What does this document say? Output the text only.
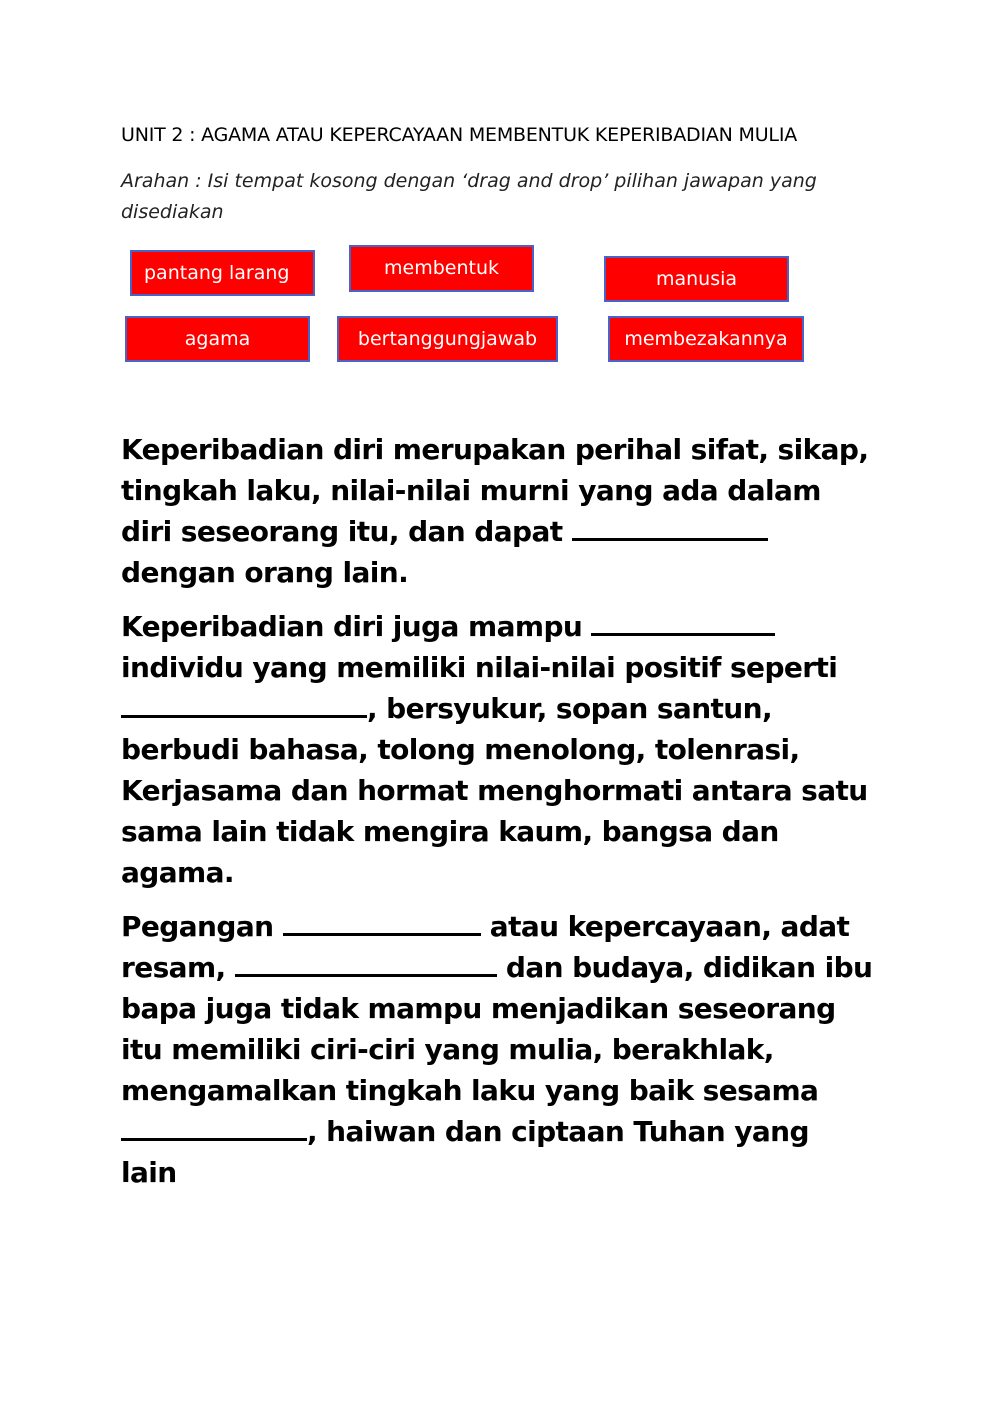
UNIT 2 : AGAMA ATAU KEPERCAYAAN MEMBENTUK KEPERIBADIAN MULIA
Arahan : Isi tempat kosong dengan ‘drag and drop’ pilihan jawapan yang
disediakan
pantang larang	membentuk	manusia
agama	bertanggungjawab	membezakannya
Keperibadian diri merupakan perihal sifat, sikap,
tingkah laku, nilai-nilai murni yang ada dalam
diri seseorang itu, dan dapat
dengan orang lain.
Keperibadian diri juga mampu
individu yang memiliki nilai-nilai positif seperti
, bersyukur, sopan santun,
berbudi bahasa, tolong menolong, tolenrasi,
Kerjasama dan hormat menghormati antara satu
sama lain tidak mengira kaum, bangsa dan
agama.
Pegangan	atau kepercayaan, adat
resam,	dan budaya, didikan ibu
bapa juga tidak mampu menjadikan seseorang
itu memiliki ciri-ciri yang mulia, berakhlak,
mengamalkan tingkah laku yang baik sesama
, haiwan dan ciptaan Tuhan yang
lain
